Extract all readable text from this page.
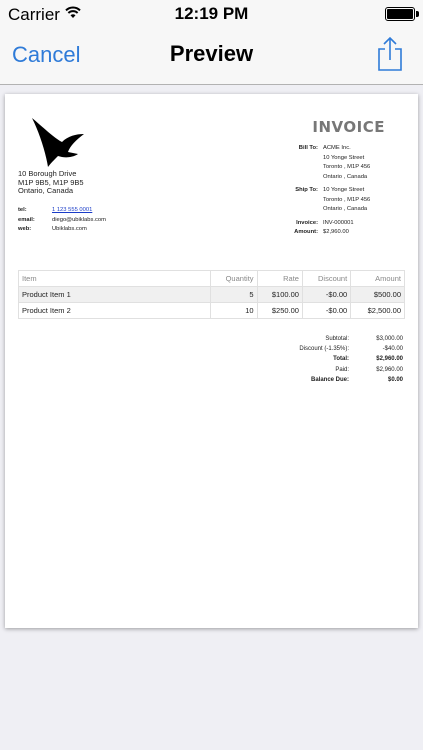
Carrier	12:19 PM
Cancel	Preview
10 Borough Drive
M1P 9B5, M1P 9B5
Ontario, Canada
tel:	1 123 555 0001
email:	diego@ubiklabs.com
web:	Ubiklabs.com
INVOICE
Bill To: ACME Inc.
10 Yonge Street
Toronto , M1P 456
Ontario , Canada
Ship To: 10 Yonge Street
Toronto , M1P 456
Ontario , Canada
Invoice: INV-000001
Amount: $2,960.00
Item	Quantity	Rate	Discount	Amount
Product Item 1	5	$100.00	-$0.00	$500.00
Product Item 2	10	$250.00	-$0.00	$2,500.00
Subtotal:	$3,000.00
Discount (-1.35%):	-$40.00
Total:	$2,960.00
Paid:	$2,960.00
Balance Due:	$0.00
